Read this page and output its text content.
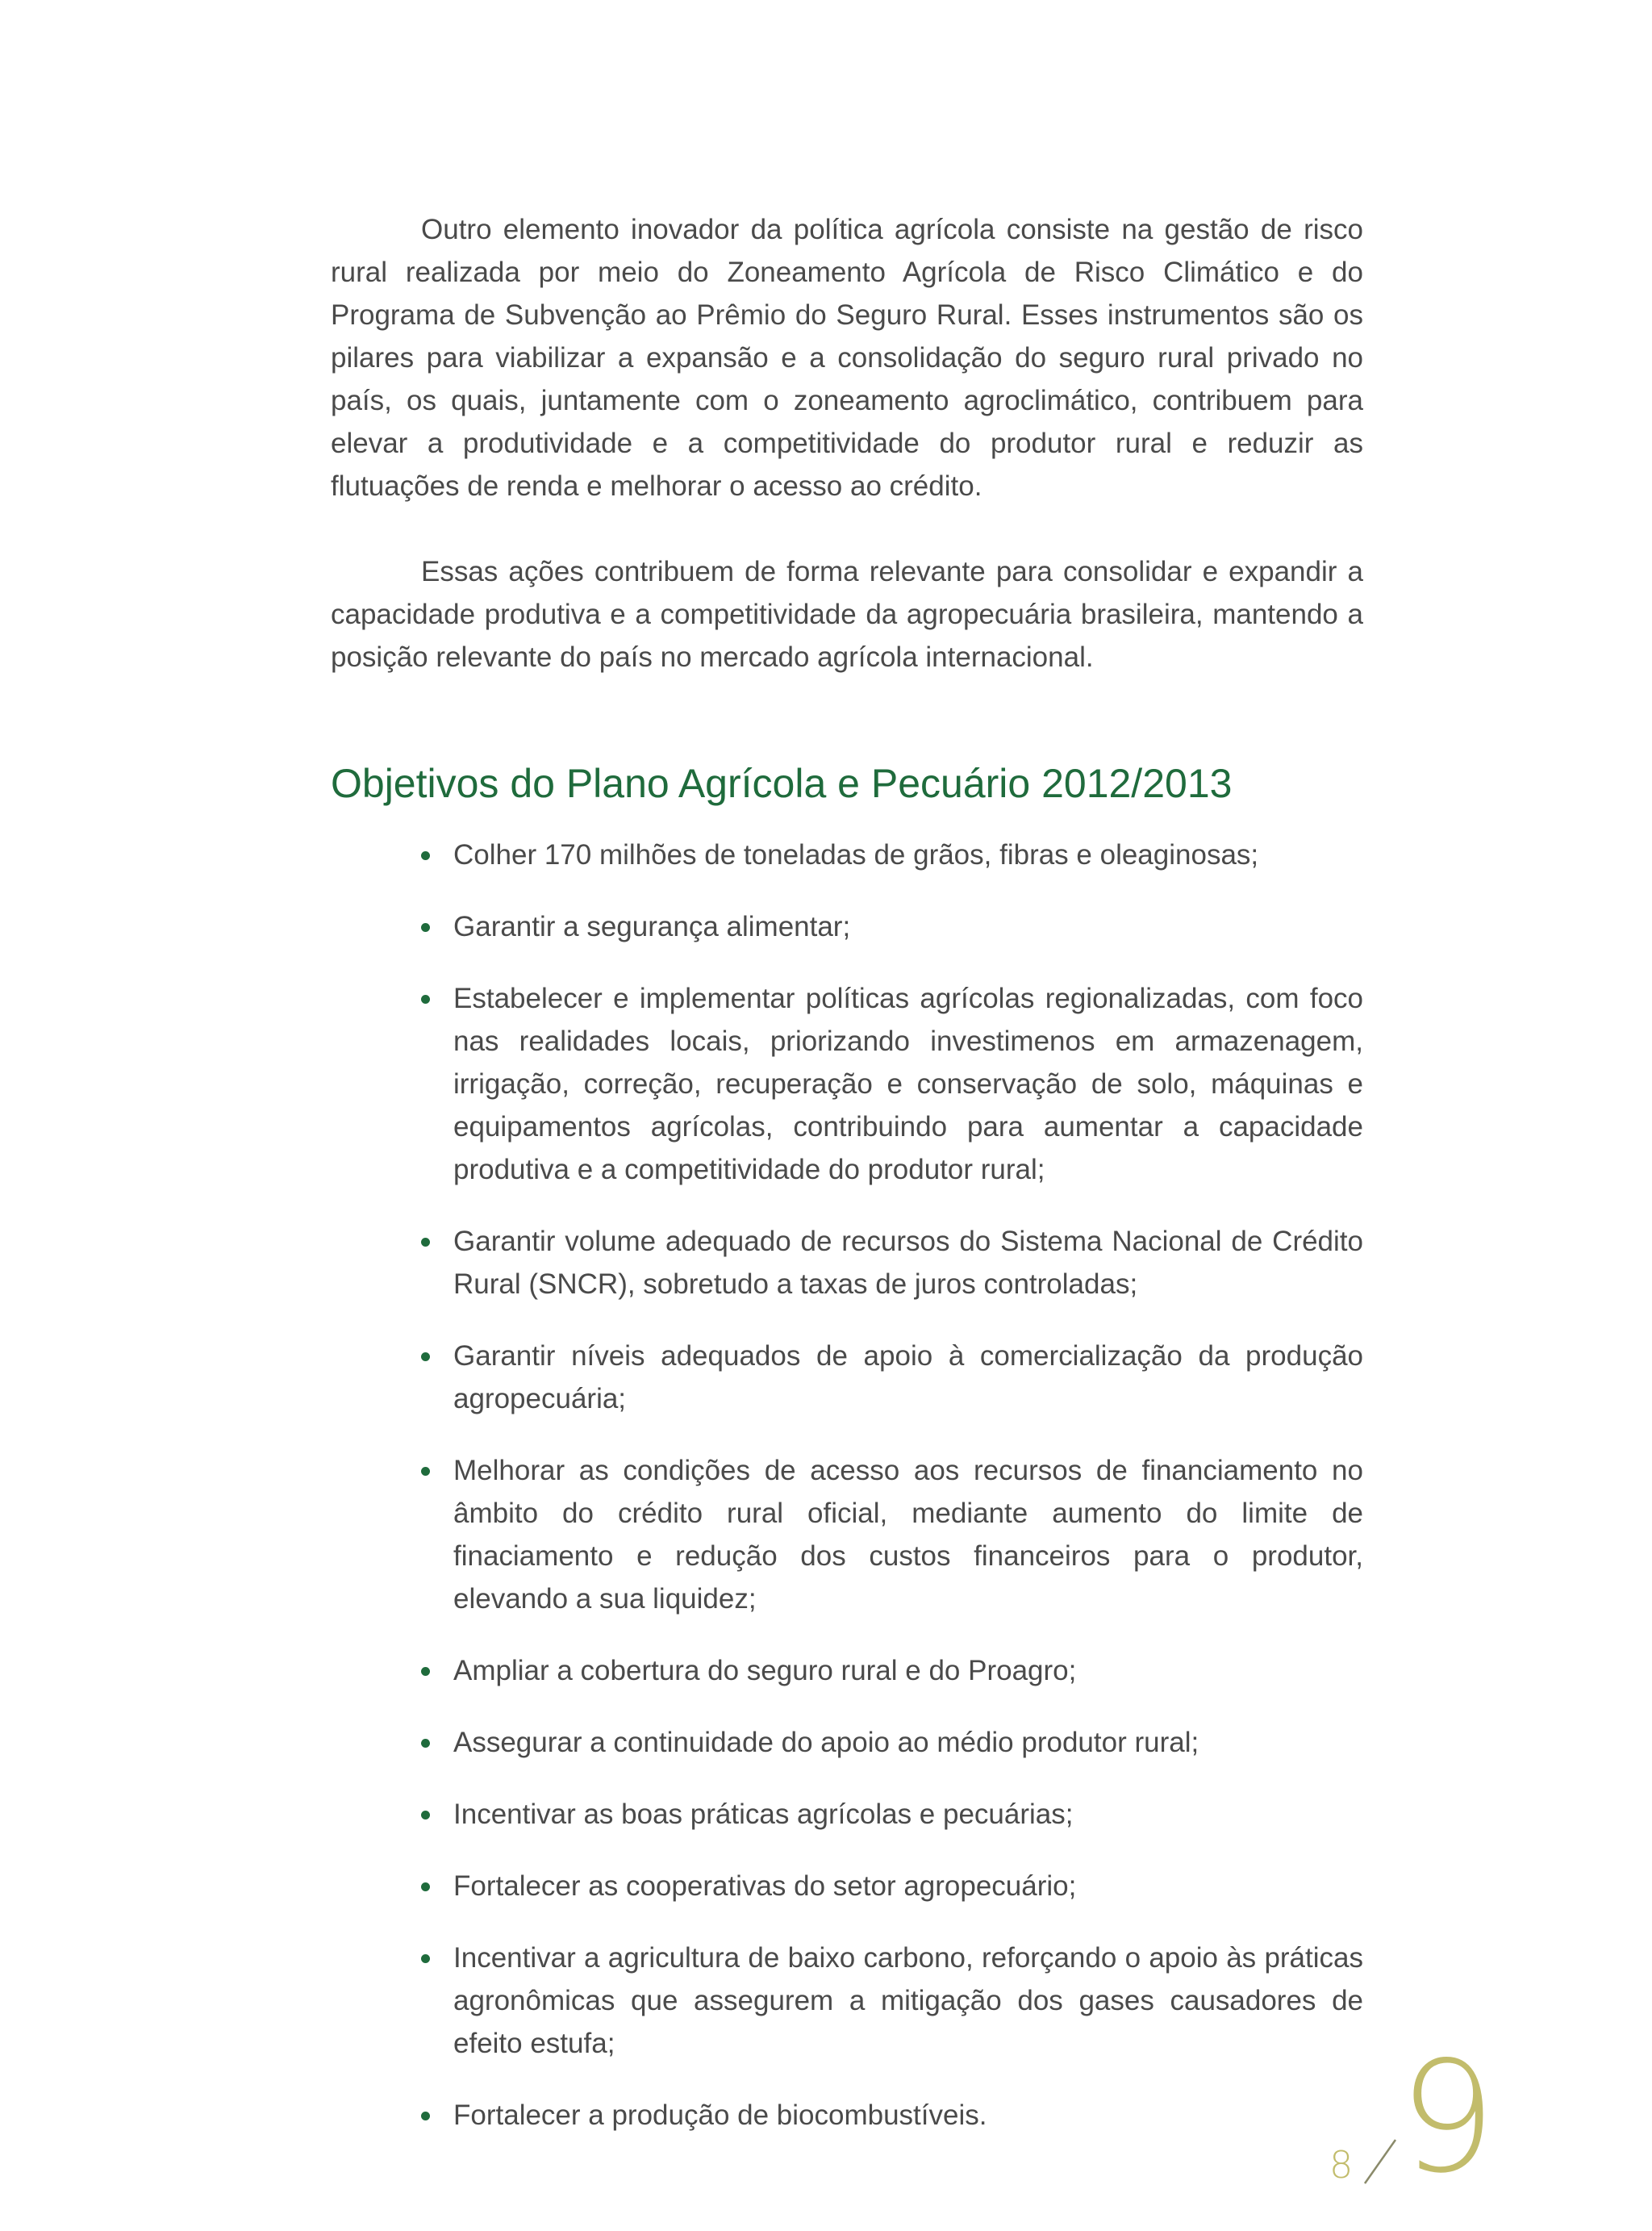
Outro elemento inovador da política agrícola consiste na gestão de risco rural realizada por meio do Zoneamento Agrícola de Risco Climático e do Programa de Subvenção ao Prêmio do Seguro Rural. Esses instrumentos são os pilares para viabilizar a expansão e a consolidação do seguro rural privado no país, os quais, juntamente com o zoneamento agroclimático, contribuem para elevar a produtividade e a competitividade do produtor rural e reduzir as flutuações de renda e melhorar o acesso ao crédito.

Essas ações contribuem de forma relevante para consolidar e expandir a capacidade produtiva e a competitividade da agropecuária brasileira, mantendo a posição relevante do país no mercado agrícola internacional.

Objetivos do Plano Agrícola e Pecuário 2012/2013
Colher 170 milhões de toneladas de grãos, fibras e oleaginosas;
Garantir a segurança alimentar;
Estabelecer e implementar políticas agrícolas regionalizadas, com foco nas realidades locais, priorizando investimenos em armazenagem, irrigação, correção, recuperação e conservação de solo, máquinas e equipamentos agrícolas, contribuindo para aumentar a capacidade produtiva e a competitividade do produtor rural;
Garantir volume adequado de recursos do Sistema Nacional de Crédito Rural (SNCR), sobretudo a taxas de juros controladas;
Garantir níveis adequados de apoio à comercialização da produção agropecuária;
Melhorar as condições de acesso aos recursos de financiamento no âmbito do crédito rural oficial, mediante aumento do limite de finaciamento e redução dos custos financeiros para o produtor, elevando a sua liquidez;
Ampliar a cobertura do seguro rural e do Proagro;
Assegurar a continuidade do apoio ao médio produtor rural;
Incentivar as boas práticas agrícolas e pecuárias;
Fortalecer as cooperativas do setor agropecuário;
Incentivar a agricultura de baixo carbono, reforçando o apoio às práticas agronômicas que assegurem a mitigação dos gases causadores de efeito estufa;
Fortalecer a produção de biocombustíveis.
8 9
